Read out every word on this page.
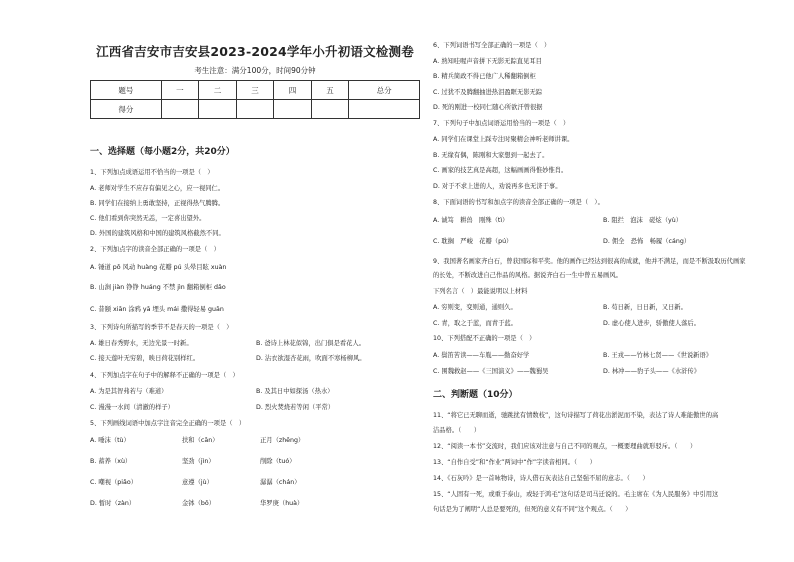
江西省吉安市吉安县2023-2024学年小升初语文检测卷
考生注意：满分100分，时间90分钟
题号	一	二	三	四	五	总分
得分						
一、选择题（每小题2分，共20分）
1、下列加点成语运用不恰当的一项是（　）
A. 老师对学生不应存有偏见之心，应一视同仁。
B. 同学们在接纳上勇敢坚持，正视得热气腾腾。
C. 他们看到你突然无恙，一定喜出望外。
D. 外国的建筑风格和中国的建筑风格截然不同。
2、下列加点字的读音全部正确的一项是（　）
A. 锤道 pō 风动 huàng 花瓣 pú 头晕目眩 xuàn
B. 山涧 jiàn 铮铮 huáng 不禁 jìn 翻箱倒柜 dǎo
C. 昔颐 xiān 涂鸦 yā 埋头 mái 撒得轻易 guān
3、下列诗句所描写的季节不是春天的一项是（　）
A. 雄日春秀野水，无边光景一时新。	B. 爸诗上林花似锦，出门俱是看花人。
C. 接天莲叶无穷碧，映日荷花别样红。	D. 沾衣欲湿杏花雨，吹面不寒杨柳风。
4、下列加点字在句子中的解释不正确的一项是（　）
A. 为是其智弗若与（难道）	B. 及其日中如探汤（热水）
C. 漫漫一水间（清澈的样子）	D. 烈火焚烧若等闲（平常）
5、下列画线词语中加点字注音完全正确的一项是（　）
A. 唾沫（tù）	扶和（cān）	正月（zhēng）
B. 蓄养（xù）	坚劲（jìn）	削除（tuó）
C. 嘲视（piǎo）	意遵（jù）	潺潺（chán）
D. 暂时（zàn）	金钵（bō）	华罗庚（huà）
6、下列词语书写全部正确的一项是（　）
A. 熟知哇喔声音拼下无影无踪直见耳目
B. 精兵简政不得已他广人稀翻箱倒柜
C. 过犹不及腾翻抽进热泪盈眶无影无踪
D. 死的刚进一校同仁随心所欲汗曾很据
7、下列句子中加点词语运用恰当的一项是（　）
A. 同学们在课堂上踩专注时聚精会神听老师讲课。
B. 无缘有偶，陈刚和大家想到一起去了。
C. 画家的技艺真是高超，这幅画画得惟妙惟肖。
D. 对于不求上进的人，劝说再多也无济于事。
8、下面词语的书写和加点字的读音全部正确的一项是（　）。
A. 诚笃　耕兽　刚殊（tì）	B. 阻拦　泡沫　磋炫（yù）
C. 耽搁　严峻　花瓣（pú）	D. 佣全　恐怖　畅履（cáng）
9、我国著名画家齐白石，曾获国际和平奖。他的画作已经达到很高的成就，他并不满足，而是不断汲取历代画家
的长处，不断改进自己作品的风格。据说齐白石一生中曾五易画风。
下列名言（　）最能说明以上材料
A. 穷则变，变则通，通则久。	B. 苟日新，日日新，又日新。
C. 青，取之于蓝，而青于蓝。	D. 虚心使人进步，骄傲使人落后。
10、下列搭配不正确的一项是（　）
A. 鬓笛苦读——车胤——勤奋好学	B. 王戎——竹林七贤——《世说新语》
C. 围魏救赵——《三国演义》——魏蜀吴	D. 林冲——豹子头——《水浒传》
二、判断题（10分）
11、“将它已无聊而逝，驰跳扰有情数枝”，这句诗描写了荷花出淤泥而不染，表达了诗人难能傲世的高
洁品格。（　　）
12、“阅读一本书”交流时，我们应该对注意与自己不同的观点，一概要理曲就形驳斥。（　　）
13、“自作自受”和“作业”两词中“作”字读音相同。（　　）
14、《石灰吟》是一首咏物诗，诗人借石灰表达自己坚强不屈的意志。（　　）
15、“人固有一死，或重于泰山，或轻于鸿毛”这句话是司马迁说的。毛主席在《为人民服务》中引用这
句话是为了阐明“人总是要死的，但死的意义有不同”这个观点。（　　）
